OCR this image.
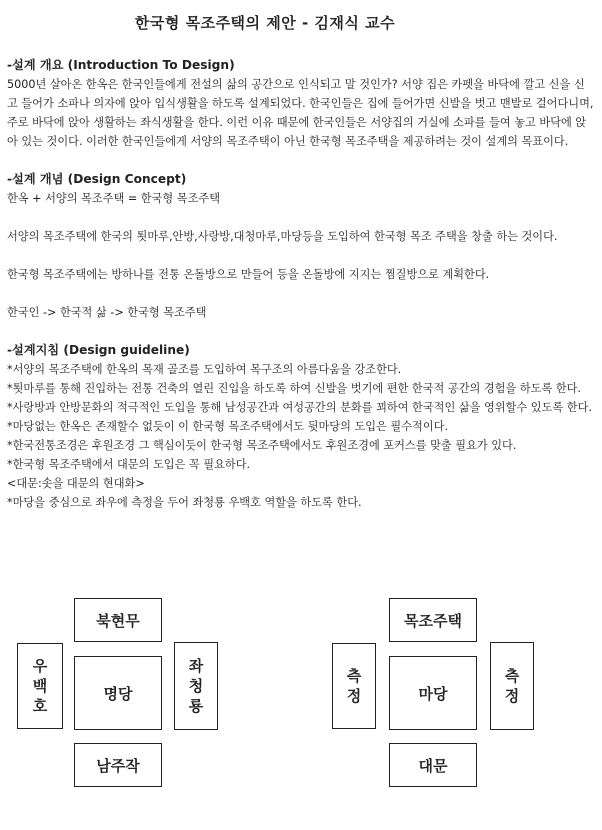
한국형 목조주택의 제안 - 김재식 교수
-설계 개요 (Introduction To Design)

5000년 살아온 한옥은 한국인들에게 전설의 삶의 공간으로 인식되고 말 것인가? 서양 집은 카펫을 바닥에 깔고 신을 신고 들어가 소파나 의자에 앉아 입식생활을 하도록 설계되었다. 한국인들은 집에 들어가면 신발을 벗고 맨발로 걸어다니며, 주로 바닥에 앉아 생활하는 좌식생활을 한다. 이런 이유 때문에 한국인들은 서양집의 거실에 소파를 들여 놓고 바닥에 앉아 있는 것이다. 이러한 한국인들에게 서양의 목조주택이 아닌 한국형 목조주택을 제공하려는 것이 설계의 목표이다.

-설계 개념 (Design Concept)

한옥 + 서양의 목조주택 = 한국형 목조주택

서양의 목조주택에 한국의 툇마루,안방,사랑방,대청마루,마당등을 도입하여 한국형 목조 주택을 창출 하는 것이다.

한국형 목조주택에는 방하나를 전통 온돌방으로 만들어 등을 온돌방에 지지는 찜질방으로 계획한다.

한국인 -> 한국적 삶 -> 한국형 목조주택

-설계지침 (Design guideline)

*서양의 목조주택에 한옥의 목재 골조를 도입하여 목구조의 아름다움을 강조한다.

*툇마루를 통해 진입하는 전통 건축의 열린 진입을 하도록 하여 신발을 벗기에 편한 한국적 공간의 경험을 하도록 한다.

*사랑방과 안방문화의 적극적인 도입을 통해 남성공간과 여성공간의 분화를 꾀하여 한국적인 삶을 영위할수 있도록 한다.

*마당없는 한옥은 존재할수 없듯이 이 한국형 목조주택에서도 뒷마당의 도입은 필수적이다.

*한국전통조경은 후원조경 그 핵심이듯이 한국형 목조주택에서도 후원조경에 포커스를 맞출 필요가 있다.

*한국형 목조주택에서 대문의 도입은 꼭 필요하다.

<대문:솟을 대문의 현대화>

*마당을 중심으로 좌우에 측정을 두어 좌청룡 우백호 역할을 하도록 한다.

북현무
우
백
호
명당
좌
청
룡
남주작
목조주택
측
정	마당
측
정
대문
